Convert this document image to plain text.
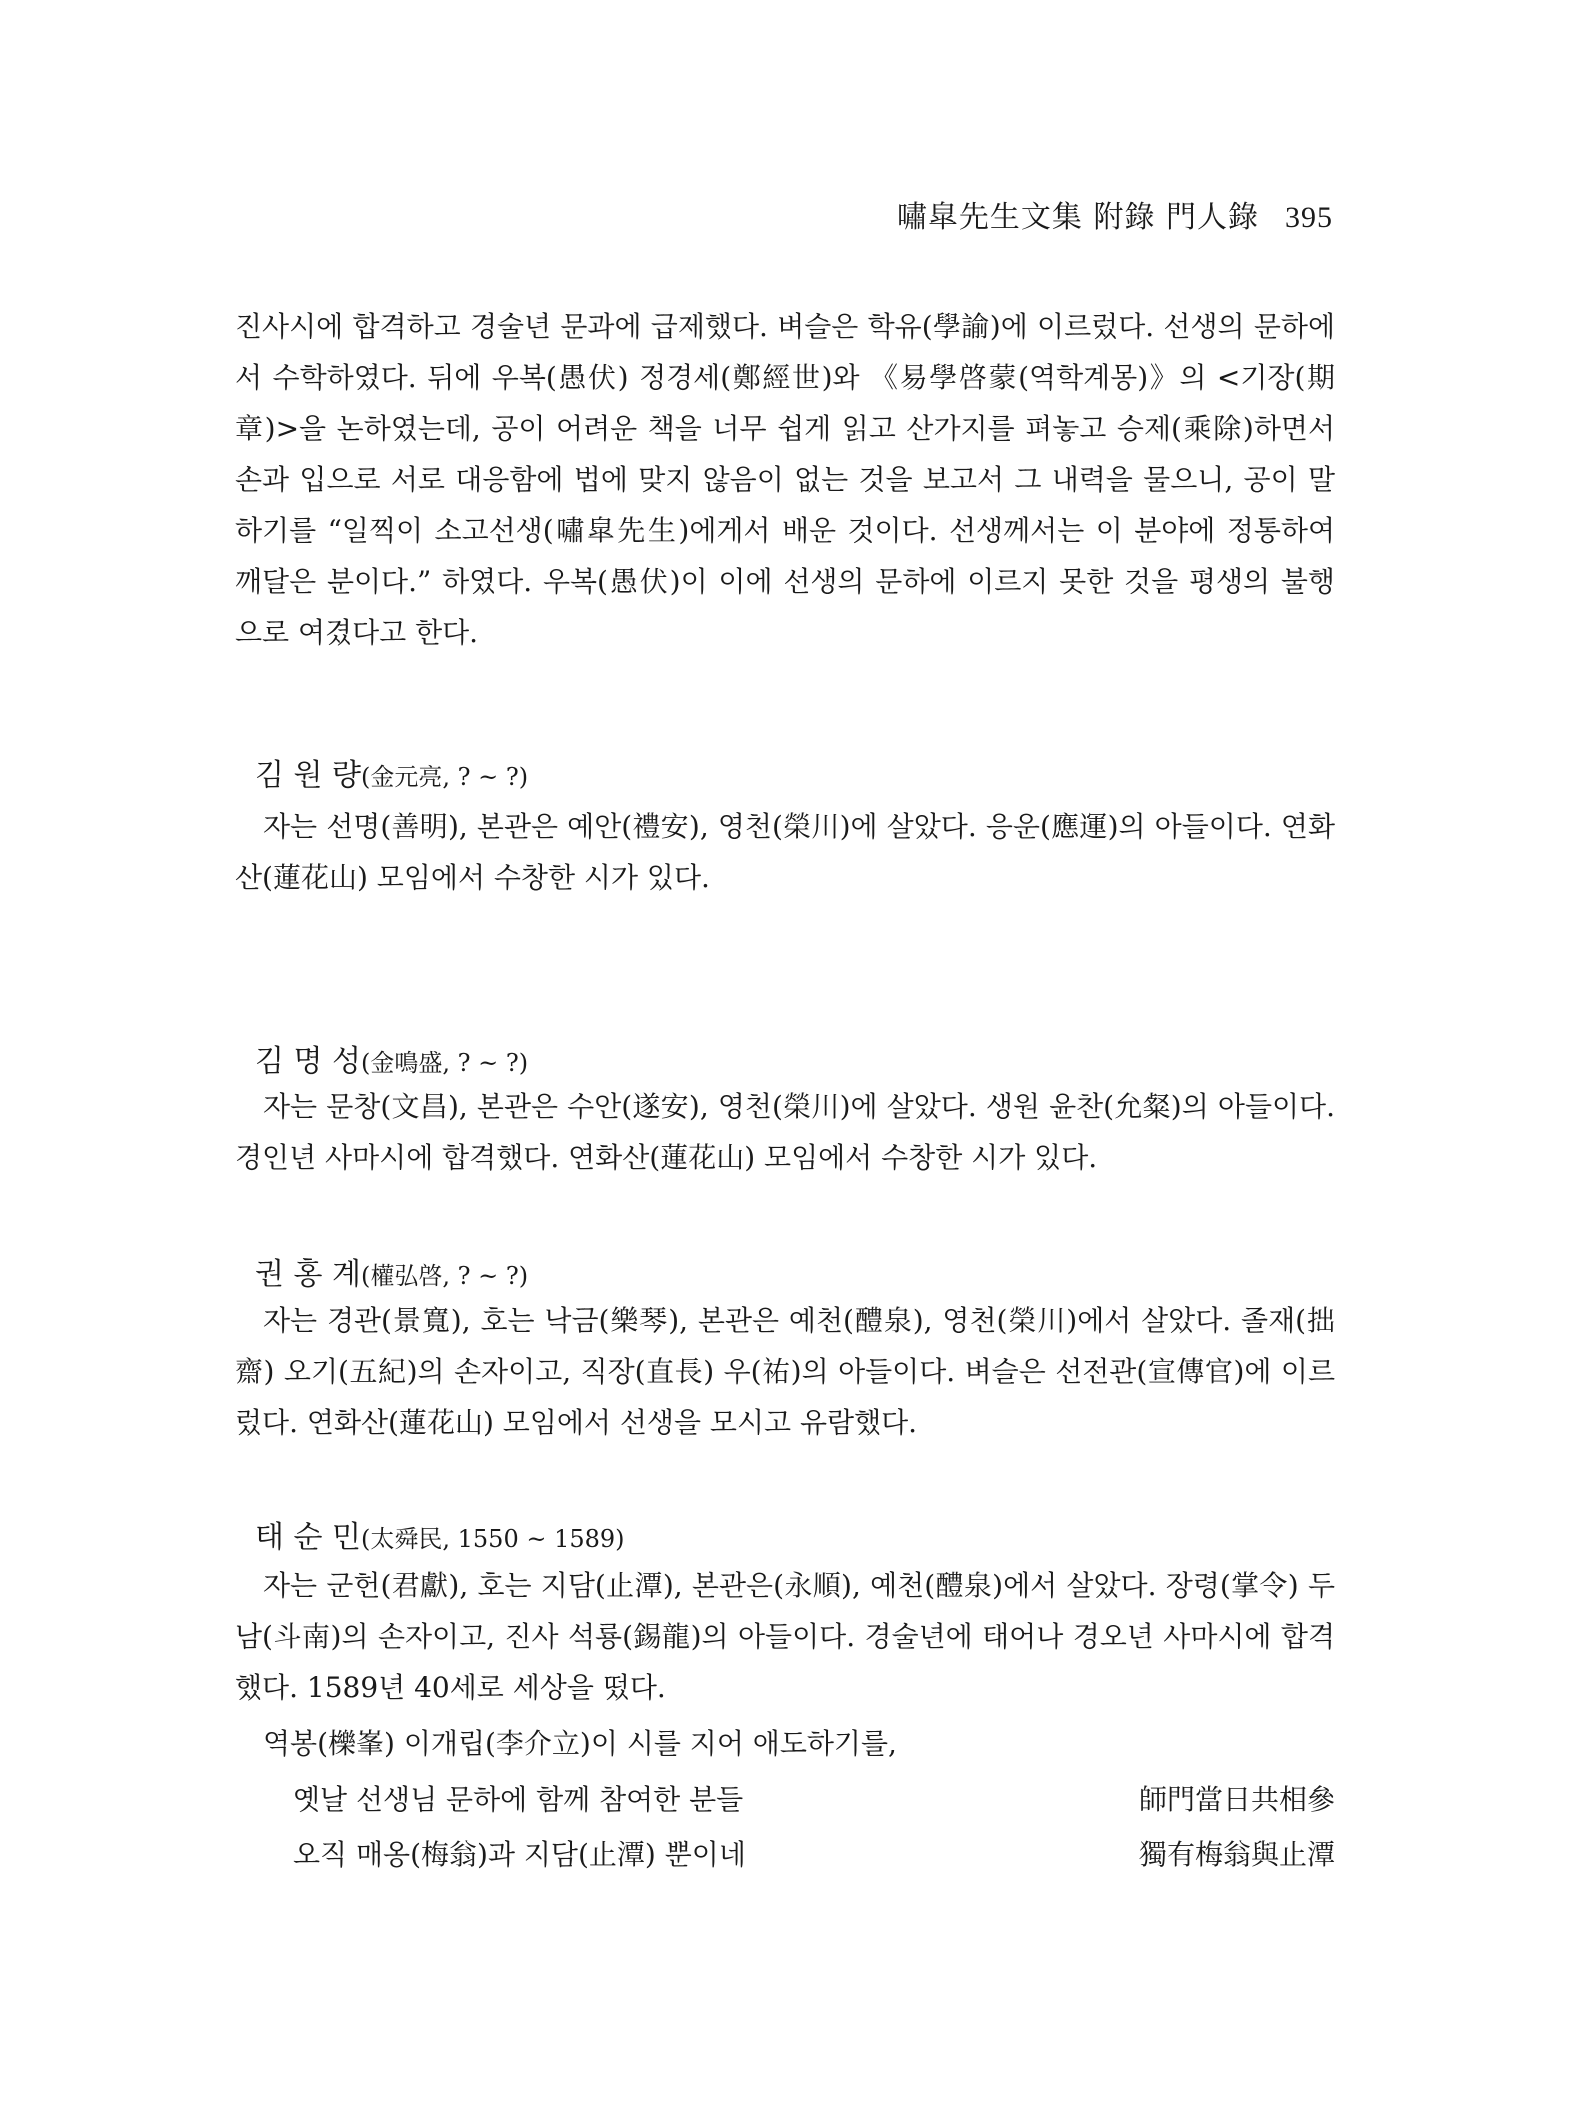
嘯皐先生文集 附錄 門人錄 395

진사시에 합격하고 경술년 문과에 급제했다. 벼슬은 학유(學諭)에 이르렀다. 선생의 문하에서 수학하였다. 뒤에 우복(愚伏) 정경세(鄭經世)와 《易學啓蒙(역학계몽)》의 <기장(期章)>을 논하였는데, 공이 어려운 책을 너무 쉽게 읽고 산가지를 펴놓고 승제(乘除)하면서 손과 입으로 서로 대응함에 법에 맞지 않음이 없는 것을 보고서 그 내력을 물으니, 공이 말하기를 “일찍이 소고선생(嘯皐先生)에게서 배운 것이다. 선생께서는 이 분야에 정통하여 깨달은 분이다.” 하였다. 우복(愚伏)이 이에 선생의 문하에 이르지 못한 것을 평생의 불행으로 여겼다고 한다.

김 원 량(金元亮, ? ~ ?)

자는 선명(善明), 본관은 예안(禮安), 영천(榮川)에 살았다. 응운(應運)의 아들이다. 연화산(蓮花山) 모임에서 수창한 시가 있다.

김 명 성(金鳴盛, ? ~ ?)

자는 문창(文昌), 본관은 수안(遂安), 영천(榮川)에 살았다. 생원 윤찬(允粲)의 아들이다. 경인년 사마시에 합격했다. 연화산(蓮花山) 모임에서 수창한 시가 있다.

권 홍 계(權弘啓, ? ~ ?)

자는 경관(景寬), 호는 낙금(樂琴), 본관은 예천(醴泉), 영천(榮川)에서 살았다. 졸재(拙齋) 오기(五紀)의 손자이고, 직장(直長) 우(祐)의 아들이다. 벼슬은 선전관(宣傳官)에 이르렀다. 연화산(蓮花山) 모임에서 선생을 모시고 유람했다.

태 순 민(太舜民, 1550 ~ 1589)

자는 군헌(君獻), 호는 지담(止潭), 본관은(永順), 예천(醴泉)에서 살았다. 장령(掌令) 두남(斗南)의 손자이고, 진사 석룡(錫龍)의 아들이다. 경술년에 태어나 경오년 사마시에 합격했다. 1589년 40세로 세상을 떴다.

역봉(櫟峯) 이개립(李介立)이 시를 지어 애도하기를,

옛날 선생님 문하에 함께 참여한 분들	師門當日共相參
오직 매옹(梅翁)과 지담(止潭) 뿐이네	獨有梅翁與止潭
